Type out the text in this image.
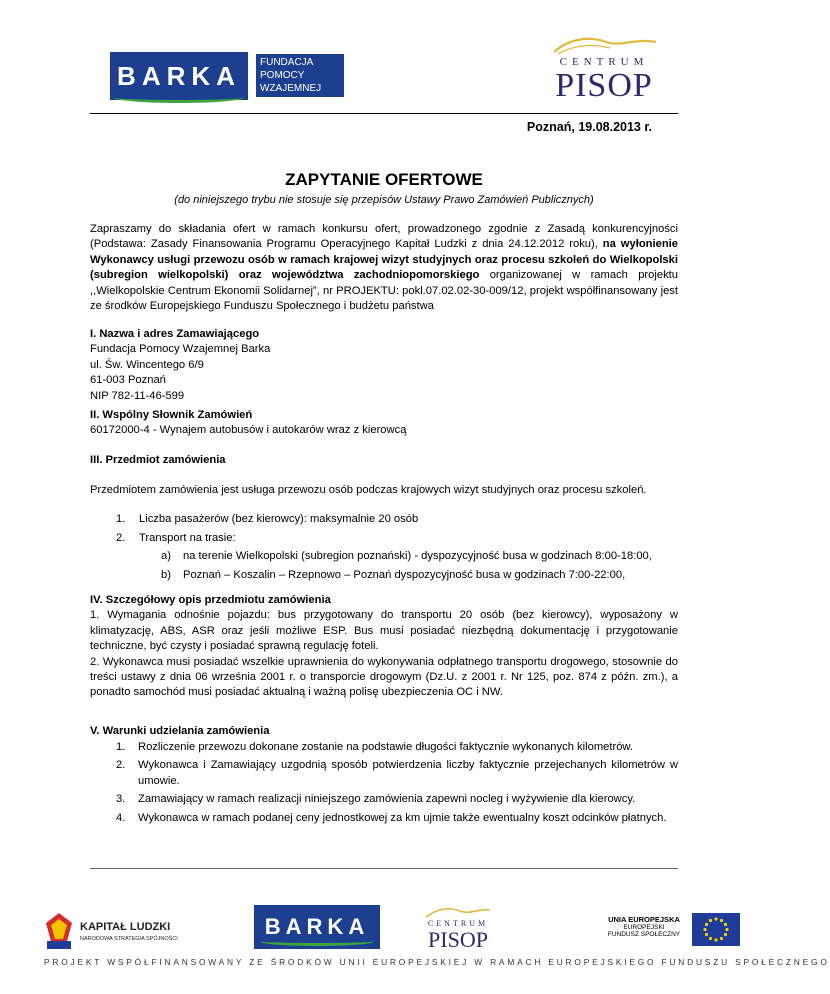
BARKA	FUNDACJA
POMOCY
WZAJEMNEJ
CENTRUM
PISOP
Poznań, 19.08.2013 r.
ZAPYTANIE OFERTOWE
(do niniejszego trybu nie stosuje się przepisów Ustawy Prawo Zamówień Publicznych)
Zapraszamy do składania ofert w ramach konkursu ofert, prowadzonego zgodnie z Zasadą konkurencyjności (Podstawa: Zasady Finansowania Programu Operacyjnego Kapitał Ludzki z dnia 24.12.2012 roku), na wyłonienie Wykonawcy usługi przewozu osób w ramach krajowej wizyt studyjnych oraz procesu szkoleń do Wielkopolski (subregion wielkopolski) oraz województwa zachodniopomorskiego organizowanej w ramach projektu ,,Wielkopolskie Centrum Ekonomii Solidarnej”, nr PROJEKTU: pokl.07.02.02-30-009/12, projekt współfinansowany jest ze środków Europejskiego Funduszu Społecznego i budżetu państwa

I. Nazwa i adres Zamawiającego

Fundacja Pomocy Wzajemnej Barka

ul. Św. Wincentego 6/9

61-003 Poznań

NIP 782-11-46-599

II. Wspólny Słownik Zamówień

60172000-4 - Wynajem autobusów i autokarów wraz z kierowcą

III. Przedmiot zamówienia

Przedmiotem zamówienia jest usługa przewozu osób podczas krajowych wizyt studyjnych oraz procesu szkoleń.
1. Liczba pasażerów (bez kierowcy): maksymalnie 20 osób
2. Transport na trasie:
a) na terenie Wielkopolski (subregion poznański) - dyspozycyjność busa w godzinach 8:00-18:00,
b) Poznań – Koszalin – Rzepnowo – Poznań dyspozycyjność busa w godzinach 7:00-22:00,

IV. Szczegółowy opis przedmiotu zamówienia

1. Wymagania odnośnie pojazdu: bus przygotowany do transportu 20 osób (bez kierowcy), wyposażony w klimatyzację, ABS, ASR oraz jeśli możliwe ESP. Bus musi posiadać niezbędną dokumentację i przygotowanie techniczne, być czysty i posiadać sprawną regulację foteli.

2. Wykonawca musi posiadać wszelkie uprawnienia do wykonywania odpłatnego transportu drogowego, stosownie do treści ustawy z dnia 06 września 2001 r. o transporcie drogowym (Dz.U. z 2001 r. Nr 125, poz. 874 z późn. zm.), a ponadto samochód musi posiadać aktualną i ważną polisę ubezpieczenia OC i NW.

V. Warunki udzielania zamówienia

1. Rozliczenie przewozu dokonane zostanie na podstawie długości faktycznie wykonanych kilometrów.
2. Wykonawca i Zamawiający uzgodnią sposób potwierdzenia liczby faktycznie przejechanych kilometrów w umowie.
3. Zamawiający w ramach realizacji niniejszego zamówienia zapewni nocleg i wyżywienie dla kierowcy.
4. Wykonawca w ramach podanej ceny jednostkowej za km ujmie także ewentualny koszt odcinków płatnych.
KAPITAŁ LUDZKI
NARODOWA STRATEGIA SPÓJNOŚCI	BARKA	CENTRUM
PISOP
UNIA EUROPEJSKA
EUROPEJSKI
FUNDUSZ SPOŁECZNY
PROJEKT WSPÓŁFINANSOWANY ZE ŚRODKÓW UNII EUROPEJSKIEJ W RAMACH EUROPEJSKIEGO FUNDUSZU SPOŁECZNEGO
